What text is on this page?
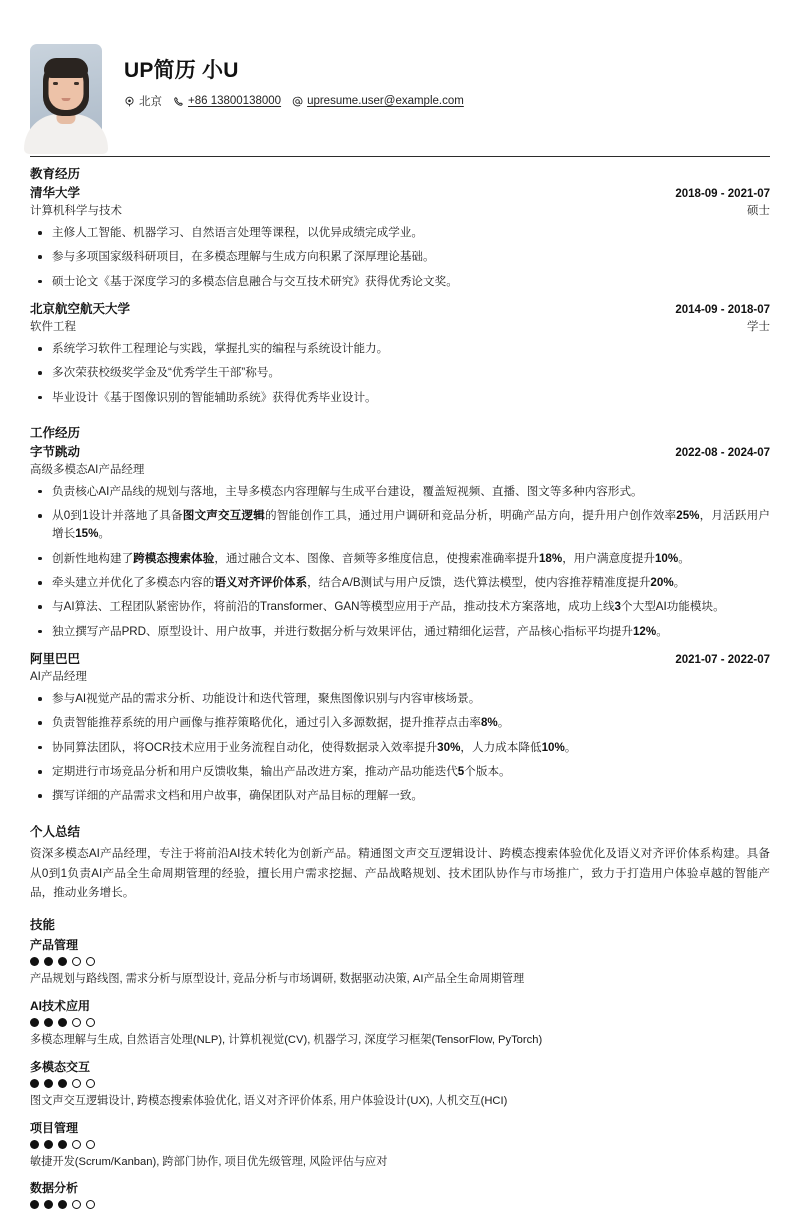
UP简历 小U
北京 +86 13800138000 upresume.user@example.com
教育经历
清华大学	2018-09 - 2021-07
计算机科学与技术	硕士
主修人工智能、机器学习、自然语言处理等课程，以优异成绩完成学业。
参与多项国家级科研项目，在多模态理解与生成方向积累了深厚理论基础。
硕士论文《基于深度学习的多模态信息融合与交互技术研究》获得优秀论文奖。
北京航空航天大学	2014-09 - 2018-07
软件工程	学士
系统学习软件工程理论与实践，掌握扎实的编程与系统设计能力。
多次荣获校级奖学金及“优秀学生干部”称号。
毕业设计《基于图像识别的智能辅助系统》获得优秀毕业设计。
工作经历
字节跳动	2022-08 - 2024-07
高级多模态AI产品经理
负责核心AI产品线的规划与落地，主导多模态内容理解与生成平台建设，覆盖短视频、直播、图文等多种内容形式。
从0到1设计并落地了具备图文声交互逻辑的智能创作工具，通过用户调研和竞品分析，明确产品方向，提升用户创作效率25%，月活跃用户增长15%。
创新性地构建了跨模态搜索体验，通过融合文本、图像、音频等多维度信息，使搜索准确率提升18%，用户满意度提升10%。
牵头建立并优化了多模态内容的语义对齐评价体系，结合A/B测试与用户反馈，迭代算法模型，使内容推荐精准度提升20%。
与AI算法、工程团队紧密协作，将前沿的Transformer、GAN等模型应用于产品，推动技术方案落地，成功上线3个大型AI功能模块。
独立撰写产品PRD、原型设计、用户故事，并进行数据分析与效果评估，通过精细化运营，产品核心指标平均提升12%。
阿里巴巴	2021-07 - 2022-07
AI产品经理
参与AI视觉产品的需求分析、功能设计和迭代管理，聚焦图像识别与内容审核场景。
负责智能推荐系统的用户画像与推荐策略优化，通过引入多源数据，提升推荐点击率8%。
协同算法团队，将OCR技术应用于业务流程自动化，使得数据录入效率提升30%，人力成本降低10%。
定期进行市场竞品分析和用户反馈收集，输出产品改进方案，推动产品功能迭代5个版本。
撰写详细的产品需求文档和用户故事，确保团队对产品目标的理解一致。
个人总结

资深多模态AI产品经理，专注于将前沿AI技术转化为创新产品。精通图文声交互逻辑设计、跨模态搜索体验优化及语义对齐评价体系构建。具备从0到1负责AI产品全生命周期管理的经验，擅长用户需求挖掘、产品战略规划、技术团队协作与市场推广，致力于打造用户体验卓越的智能产品，推动业务增长。

技能
产品管理
产品规划与路线图, 需求分析与原型设计, 竞品分析与市场调研, 数据驱动决策, AI产品全生命周期管理
AI技术应用
多模态理解与生成, 自然语言处理(NLP), 计算机视觉(CV), 机器学习, 深度学习框架(TensorFlow, PyTorch)
多模态交互
图文声交互逻辑设计, 跨模态搜索体验优化, 语义对齐评价体系, 用户体验设计(UX), 人机交互(HCI)
项目管理
敏捷开发(Scrum/Kanban), 跨部门协作, 项目优先级管理, 风险评估与应对
数据分析
